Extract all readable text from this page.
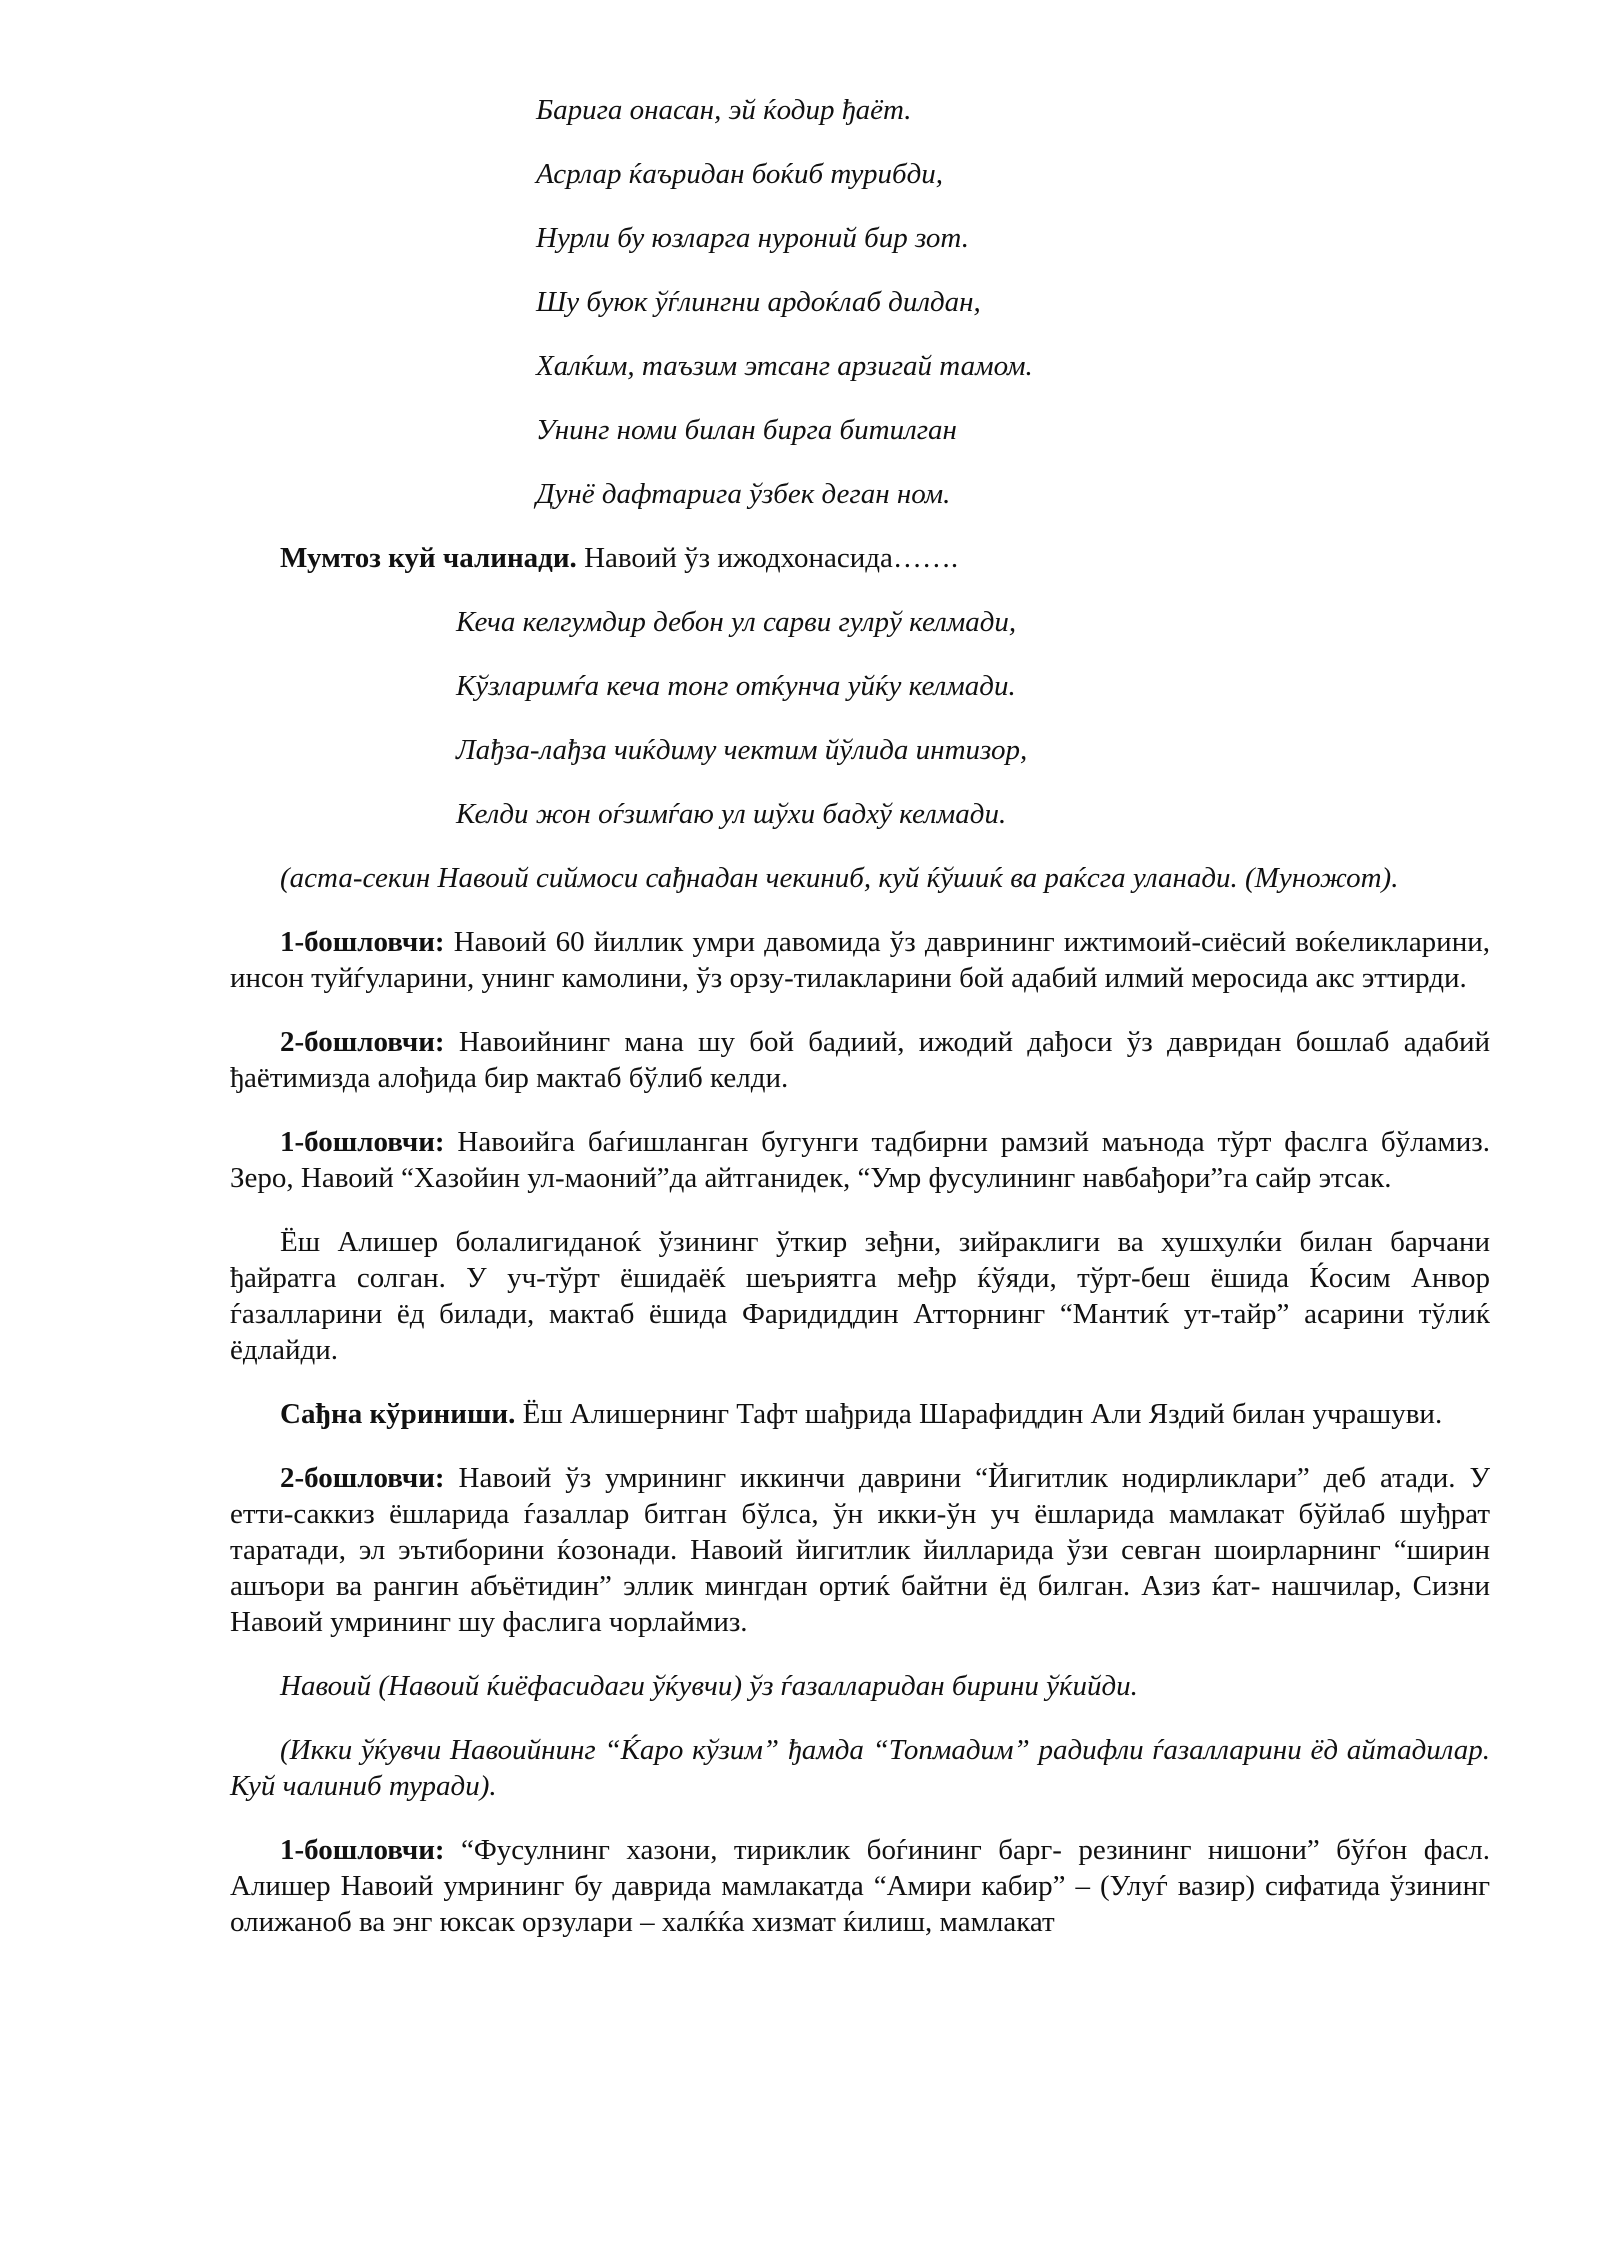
Барига онасан, эй ќодир ђаёт.

Асрлар ќаъридан боќиб турибди,

Нурли бу юзларга нуроний бир зот.

Шу буюк ўѓлингни ардоќлаб дилдан,

Халќим, таъзим этсанг арзигай тамом.

Унинг номи билан бирга битилган

Дунё дафтарига ўзбек деган ном.

Мумтоз куй чалинади. Навоий ўз ижодхонасида…….

Кеча келгумдир дебон ул сарви гулрў келмади,

Кўзларимѓа кеча тонг отќунча уйќу келмади.

Лађза-лађза чиќдиму чектим йўлида интизор,

Келди жон оѓзимѓаю ул шўхи бадхў келмади.

(аста-секин Навоий сиймоси сађнадан чекиниб, куй ќўшиќ ва раќсга уланади. (Муножот).

1-бошловчи: Навоий 60 йиллик умри давомида ўз даврининг ижтимоий-сиёсий воќеликларини, инсон туйѓуларини, унинг камолини, ўз орзу-тилакларини бой адабий илмий меросида акс эттирди.

2-бошловчи: Навоийнинг мана шу бой бадиий, ижодий дађоси ўз давридан бошлаб адабий ђаётимизда алођида бир мактаб бўлиб келди.

1-бошловчи: Навоийга баѓишланган бугунги тадбирни рамзий маънода тўрт фаслга бўламиз. Зеро, Навоий “Хазойин ул-маоний”да айтганидек, “Умр фусулининг навбађори”га сайр этсак.

Ёш Алишер болалигиданоќ ўзининг ўткир зеђни, зийраклиги ва хушхулќи билан барчани ђайратга солган. У уч-тўрт ёшидаёќ шеъриятга међр ќўяди, тўрт-беш ёшида Ќосим Анвор ѓазалларини ёд билади, мактаб ёшида Фаридиддин Атторнинг “Мантиќ ут-тайр” асарини тўлиќ ёдлайди.

Сађна кўриниши. Ёш Алишернинг Тафт шађрида Шарафиддин Али Яздий билан учрашуви.

2-бошловчи: Навоий ўз умрининг иккинчи даврини “Йигитлик нодирликлари” деб атади. У етти-саккиз ёшларида ѓазаллар битган бўлса, ўн икки-ўн уч ёшларида мамлакат бўйлаб шуђрат таратади, эл эътиборини ќозонади. Навоий йигитлик йилларида ўзи севган шоирларнинг “ширин ашъори ва рангин абъётидин” эллик мингдан ортиќ байтни ёд билган. Азиз ќат- нашчилар, Сизни Навоий умрининг шу фаслига чорлаймиз.

Навоий (Навоий ќиёфасидаги ўќувчи) ўз ѓазалларидан бирини ўќийди.

(Икки ўќувчи Навоийнинг “Ќаро кўзим” ђамда “Топмадим” радифли ѓазалларини ёд айтадилар. Куй чалиниб туради).

1-бошловчи: “Фусулнинг хазони, тириклик боѓининг барг- резининг нишони” бўѓон фасл. Алишер Навоий умрининг бу даврида мамлакатда “Амири кабир” – (Улуѓ вазир) сифатида ўзининг олижаноб ва энг юксак орзулари – халќќа хизмат ќилиш, мамлакат
